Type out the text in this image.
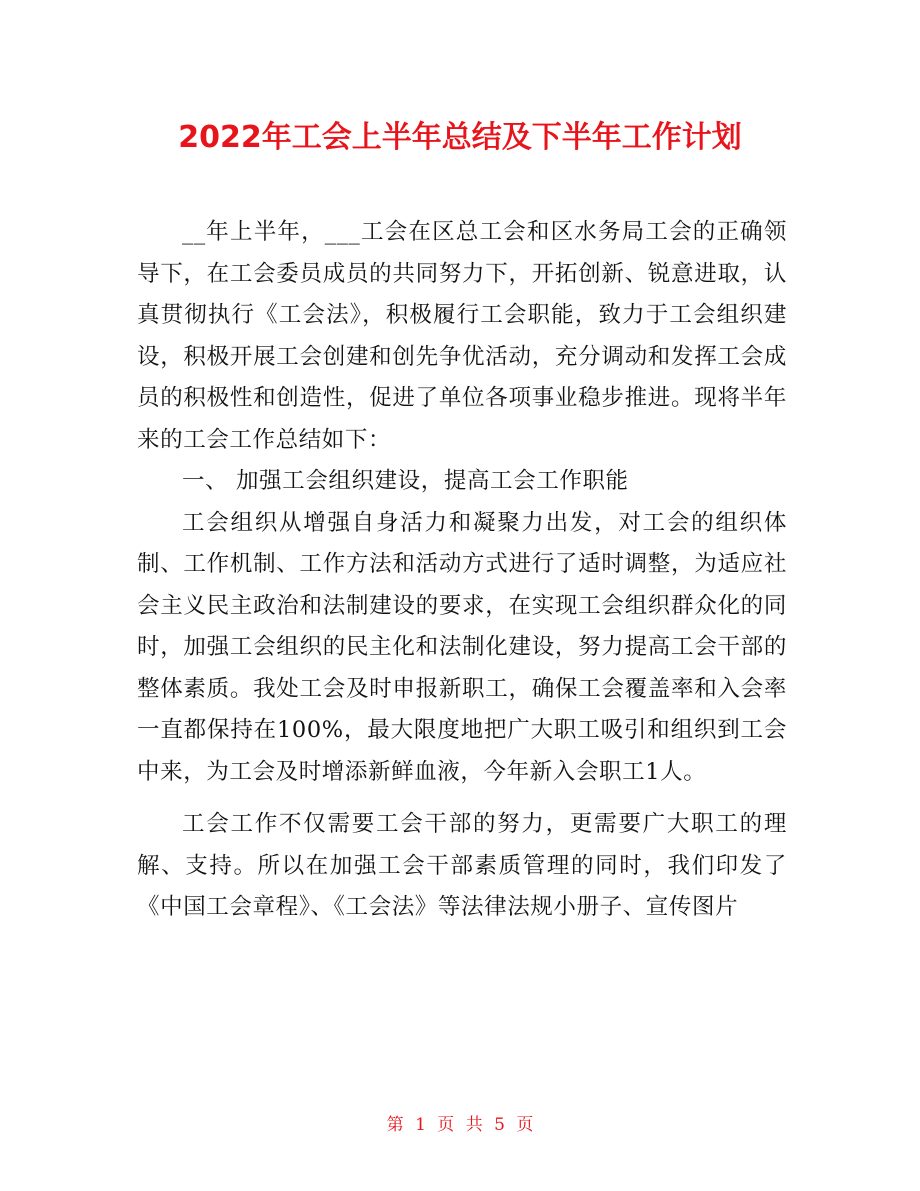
2022年工会上半年总结及下半年工作计划

__年上半年，___工会在区总工会和区水务局工会的正确领导下，在工会委员成员的共同努力下，开拓创新、锐意进取，认真贯彻执行《工会法》，积极履行工会职能，致力于工会组织建设，积极开展工会创建和创先争优活动，充分调动和发挥工会成员的积极性和创造性，促进了单位各项事业稳步推进。现将半年来的工会工作总结如下：

一、 加强工会组织建设，提高工会工作职能

工会组织从增强自身活力和凝聚力出发，对工会的组织体制、工作机制、工作方法和活动方式进行了适时调整，为适应社会主义民主政治和法制建设的要求，在实现工会组织群众化的同时，加强工会组织的民主化和法制化建设，努力提高工会干部的整体素质。我处工会及时申报新职工，确保工会覆盖率和入会率一直都保持在100%，最大限度地把广大职工吸引和组织到工会中来，为工会及时增添新鲜血液，今年新入会职工1人。

工会工作不仅需要工会干部的努力，更需要广大职工的理解、支持。所以在加强工会干部素质管理的同时，我们印发了《中国工会章程》、《工会法》等法律法规小册子、宣传图片

第 1 页 共 5 页
